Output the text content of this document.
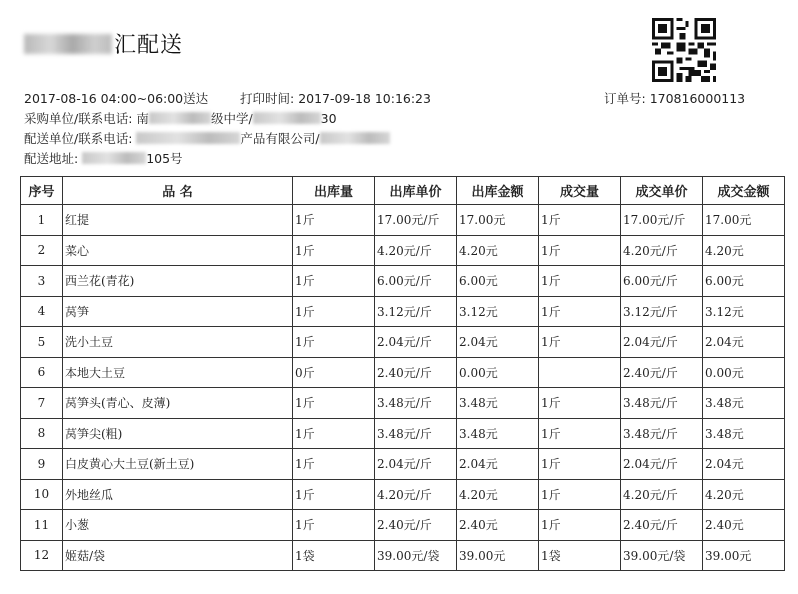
汇配送
2017-08-16 04:00~06:00送达	打印时间: 2017-09-18 10:16:23	订单号: 170816000113
采购单位/联系电话: 南	级中学/	30
配送单位/联系电话:	产品有限公司/
配送地址:	105号
序号	品 名	出库量	出库单价	出库金额	成交量	成交单价	成交金额
1	红提	1斤	17.00元/斤	17.00元	1斤	17.00元/斤	17.00元
2	菜心	1斤	4.20元/斤	4.20元	1斤	4.20元/斤	4.20元
3	西兰花(青花)	1斤	6.00元/斤	6.00元	1斤	6.00元/斤	6.00元
4	莴笋	1斤	3.12元/斤	3.12元	1斤	3.12元/斤	3.12元
5	洗小土豆	1斤	2.04元/斤	2.04元	1斤	2.04元/斤	2.04元
6	本地大土豆	0斤	2.40元/斤	0.00元		2.40元/斤	0.00元
7	莴笋头(青心、皮薄)	1斤	3.48元/斤	3.48元	1斤	3.48元/斤	3.48元
8	莴笋尖(粗)	1斤	3.48元/斤	3.48元	1斤	3.48元/斤	3.48元
9	白皮黄心大土豆(新土豆)	1斤	2.04元/斤	2.04元	1斤	2.04元/斤	2.04元
10	外地丝瓜	1斤	4.20元/斤	4.20元	1斤	4.20元/斤	4.20元
11	小葱	1斤	2.40元/斤	2.40元	1斤	2.40元/斤	2.40元
12	姬菇/袋	1袋	39.00元/袋	39.00元	1袋	39.00元/袋	39.00元
